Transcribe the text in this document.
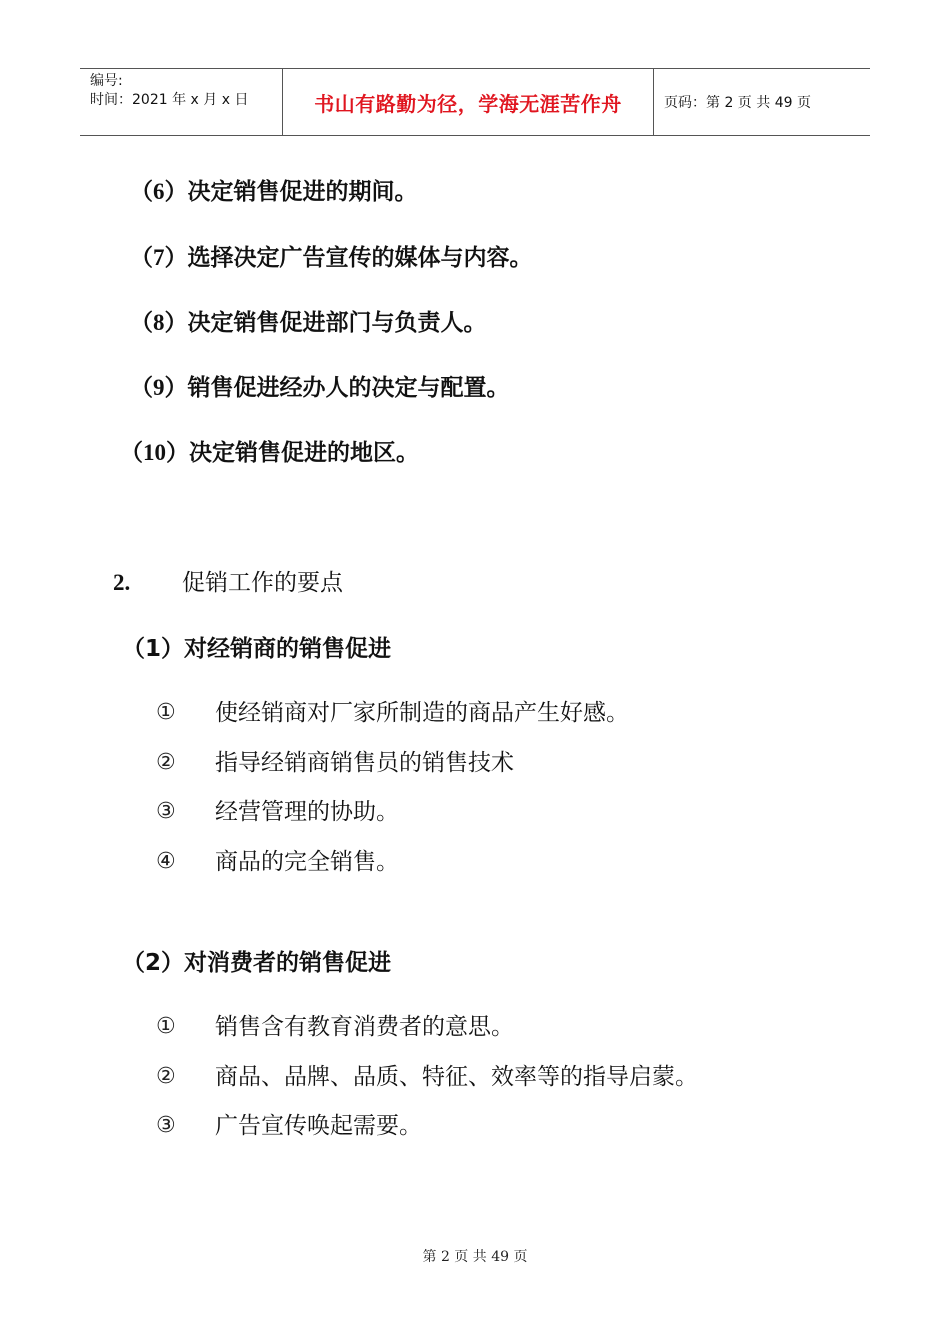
编号:
时间：2021 年 x 月 x 日	书山有路勤为径，学海无涯苦作舟	页码：第 2 页 共 49 页
（6）决定销售促进的期间。
（7）选择决定广告宣传的媒体与内容。
（8）决定销售促进部门与负责人。
（9）销售促进经办人的决定与配置。
（10）决定销售促进的地区。
2. 促销工作的要点
（1）对经销商的销售促进
① 使经销商对厂家所制造的商品产生好感。
② 指导经销商销售员的销售技术
③ 经营管理的协助。
④ 商品的完全销售。
（2）对消费者的销售促进
① 销售含有教育消费者的意思。
② 商品、品牌、品质、特征、效率等的指导启蒙。
③ 广告宣传唤起需要。
第 2 页 共 49 页
